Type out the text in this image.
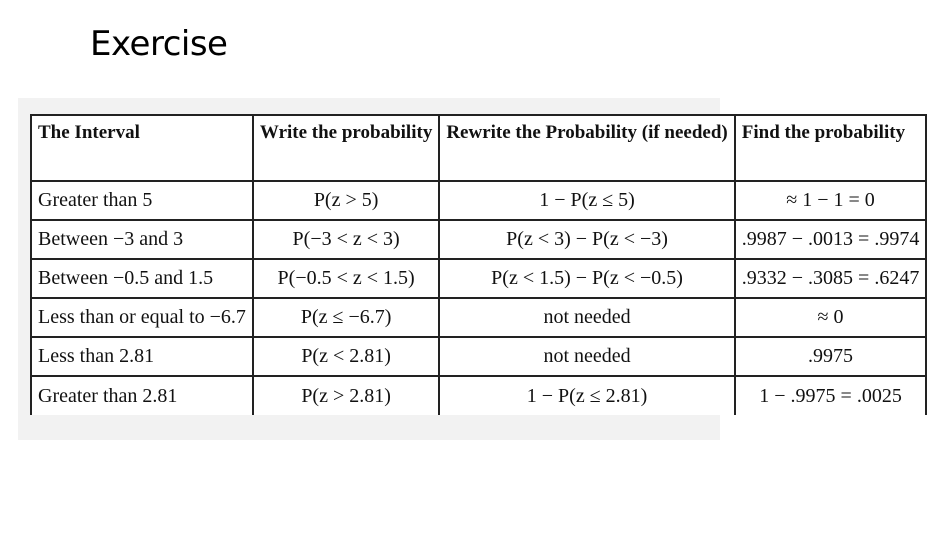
Exercise
The Interval	Write the probability	Rewrite the Probability (if needed)	Find the probability
Greater than 5	P(z > 5)	1 − P(z ≤ 5)	≈ 1 − 1 = 0
Between −3 and 3	P(−3 < z < 3)	P(z < 3) − P(z < −3)	.9987 − .0013 = .9974
Between −0.5 and 1.5	P(−0.5 < z < 1.5)	P(z < 1.5) − P(z < −0.5)	.9332 − .3085 = .6247
Less than or equal to −6.7	P(z ≤ −6.7)	not needed	≈ 0
Less than 2.81	P(z < 2.81)	not needed	.9975
Greater than 2.81	P(z > 2.81)	1 − P(z ≤ 2.81)	1 − .9975 = .0025
